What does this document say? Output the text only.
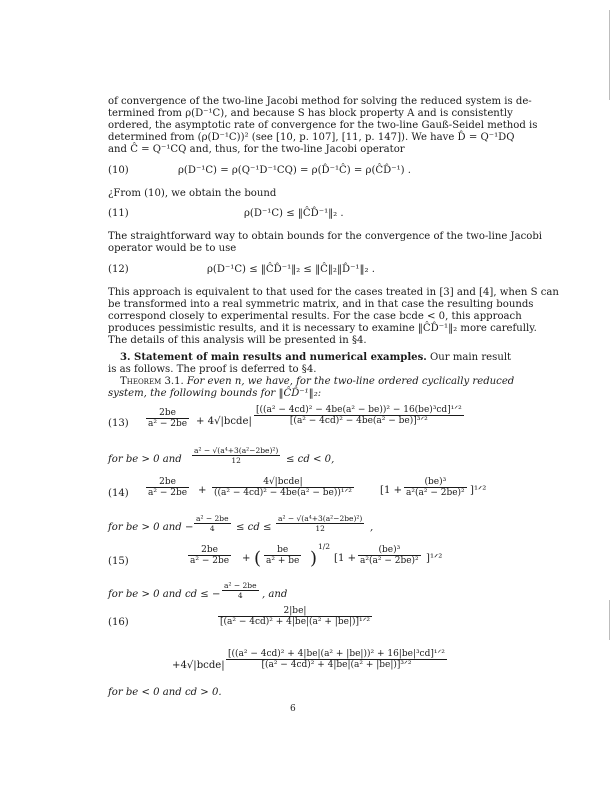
of convergence of the two-line Jacobi method for solving the reduced system is de-
termined from ρ(D⁻¹C), and because S has block property A and is consistently
ordered, the asymptotic rate of convergence for the two-line Gauß-Seidel method is
determined from (ρ(D⁻¹C))² (see [10, p. 107], [11, p. 147]). We have D̂ = Q⁻¹DQ
and Ĉ = Q⁻¹CQ and, thus, for the two-line Jacobi operator
(10)	ρ(D⁻¹C) = ρ(Q⁻¹D⁻¹CQ) = ρ(D̂⁻¹Ĉ) = ρ(ĈD̂⁻¹) .
¿From (10), we obtain the bound
(11)	ρ(D⁻¹C) ≤ ‖ĈD̂⁻¹‖₂ .
The straightforward way to obtain bounds for the convergence of the two-line Jacobi
operator would be to use
(12)	ρ(D⁻¹C) ≤ ‖ĈD̂⁻¹‖₂ ≤ ‖Ĉ‖₂‖D̂⁻¹‖₂ .
This approach is equivalent to that used for the cases treated in [3] and [4], when S can
be transformed into a real symmetric matrix, and in that case the resulting bounds
correspond closely to experimental results. For the case bcde < 0, this approach
produces pessimistic results, and it is necessary to examine ‖ĈD̂⁻¹‖₂ more carefully.
The details of this analysis will be presented in §4.
3. Statement of main results and numerical examples. Our main result
is as follows. The proof is deferred to §4.
Theorem 3.1. For even n, we have, for the two-line ordered cyclically reduced
system, the following bounds for ‖ĈD̂⁻¹‖₂:
$(13) \frac{2be}{\text{a² − 2be}}$ + 4√|bcde|
[((a² − 4cd)² − 4be(a² − be))² − 16(be)³cd]¹ᐟ²
[(a² − 4cd)² − 4be(a² − be)]³ᐟ²
for be > 0 and $\frac{\text{a² − √(a⁴+3(a²−2be)²)}}{12}$ ≤ cd < 0,
$(14) \frac{2be}{\text{a² − 2be}}$ +
4√|bcde|
((a² − 4cd)² − 4be(a² − be))¹ᐟ²	[$1 + \frac{\text{(be)³}}{\text{a²(a² − 2be)²}}$ ]¹ᐟ²
for be > 0 and − $\frac{\text{a² − 2be}}{4}$ ≤ cd ≤ $\frac{\text{a² − √(a⁴+3(a²−2be)²)}}{12}$ ,
(15)	$\frac{2be}{\text{a² − 2be}}$ + ( $\frac{be}{\text{a² + be}}$ )
1/2
[$1 + \frac{\text{(be)³}}{\text{a²(a² − 2be)²}}$ ]¹ᐟ²
for be > 0 and cd ≤ − $\frac{\text{a² − 2be}}{4}$ , and
(16)
2|be|
[(a² − 4cd)² + 4|be|(a² + |be|)]¹ᐟ²
+4√|bcde|
[((a² − 4cd)² + 4|be|(a² + |be|))² + 16|be|³cd]¹ᐟ²
[(a² − 4cd)² + 4|be|(a² + |be|)]³ᐟ²
for be < 0 and cd > 0.
6
